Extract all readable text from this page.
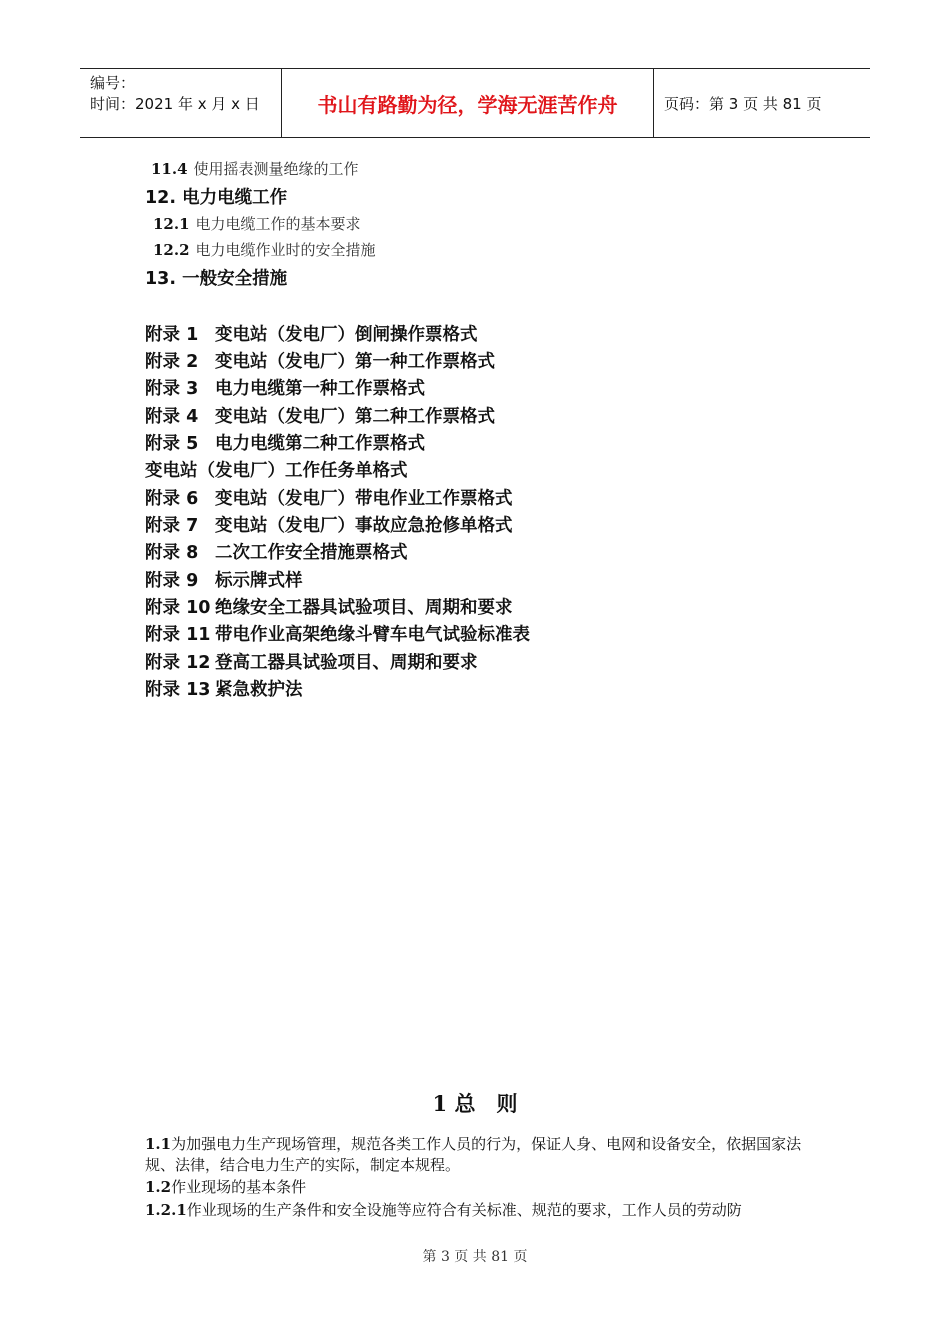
编号：
时间：2021 年 x 月 x 日	书山有路勤为径，学海无涯苦作舟	页码：第 3 页 共 81 页
11.4 使用摇表测量绝缘的工作
12. 电力电缆工作
12.1 电力电缆工作的基本要求
12.2 电力电缆作业时的安全措施
13. 一般安全措施
附录 1 变电站（发电厂）倒闸操作票格式
附录 2 变电站（发电厂）第一种工作票格式
附录 3 电力电缆第一种工作票格式
附录 4 变电站（发电厂）第二种工作票格式
附录 5 电力电缆第二种工作票格式
变电站（发电厂）工作任务单格式
附录 6 变电站（发电厂）带电作业工作票格式
附录 7 变电站（发电厂）事故应急抢修单格式
附录 8 二次工作安全措施票格式
附录 9 标示牌式样
附录 10 绝缘安全工器具试验项目、周期和要求
附录 11 带电作业高架绝缘斗臂车电气试验标准表
附录 12 登高工器具试验项目、周期和要求
附录 13 紧急救护法
1 总　则
1.1为加强电力生产现场管理，规范各类工作人员的行为，保证人身、电网和设备安全，依据国家法规、法律，结合电力生产的实际，制定本规程。
1.2作业现场的基本条件
1.2.1作业现场的生产条件和安全设施等应符合有关标准、规范的要求，工作人员的劳动防
第 3 页 共 81 页
